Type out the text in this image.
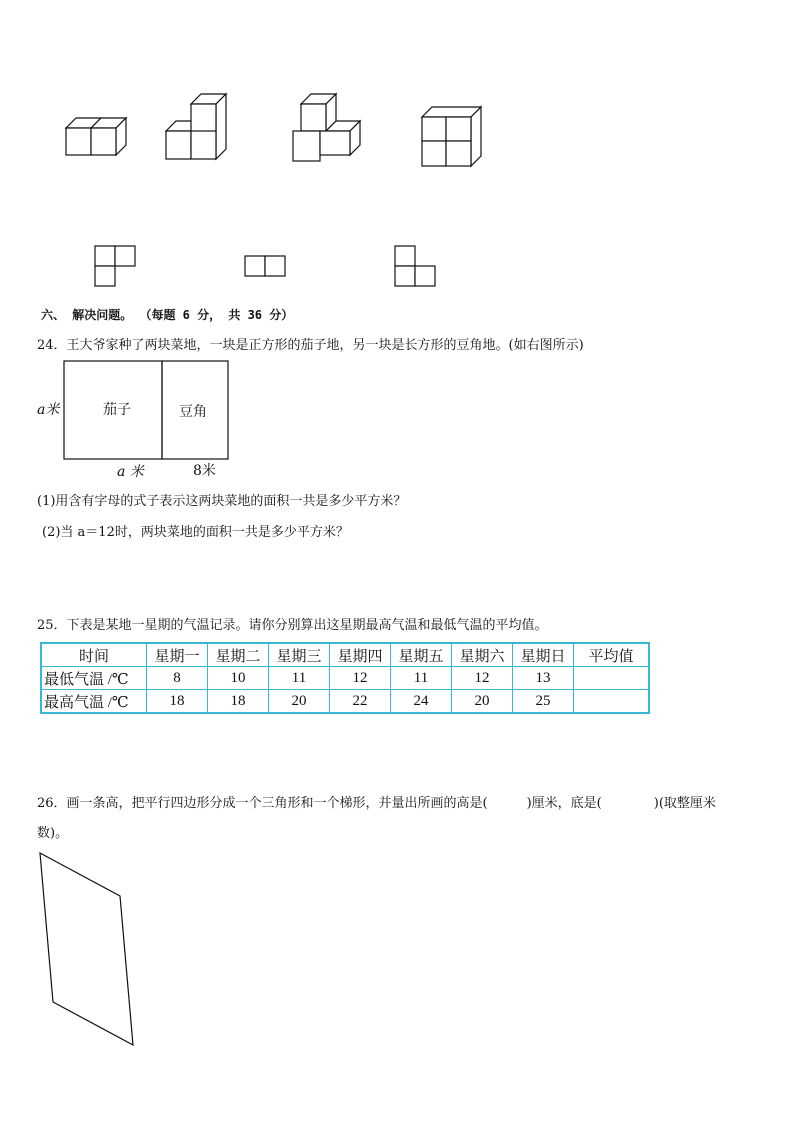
六、 解决问题。 （每题 6 分， 共 36 分）
24．王大爷家种了两块菜地，一块是正方形的茄子地，另一块是长方形的豆角地。(如右图所示)
茄子	豆角
a米
a 米	8米
(1)用含有字母的式子表示这两块菜地的面积一共是多少平方米？
(2)当 a＝12时，两块菜地的面积一共是多少平方米？
25．下表是某地一星期的气温记录。请你分别算出这星期最高气温和最低气温的平均值。
时间	星期一	星期二	星期三	星期四	星期五	星期六	星期日	平均值
最低气温 /℃	8	10	11	12	11	12	13	
最高气温 /℃	18	18	20	22	24	20	25	
26．画一条高，把平行四边形分成一个三角形和一个梯形，并量出所画的高是(　　　)厘米，底是(　　　　)(取整厘米
数)。
